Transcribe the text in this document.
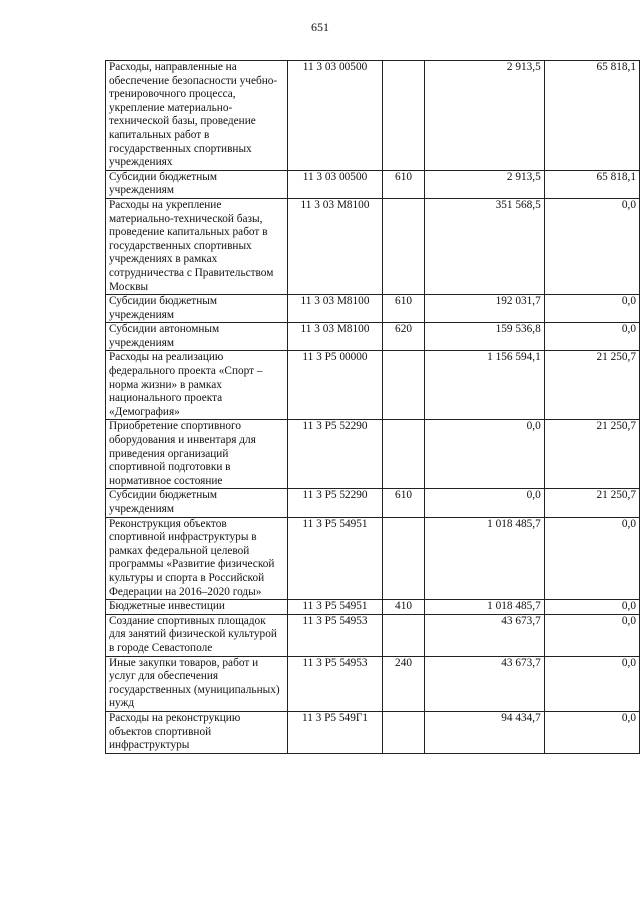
651
Расходы, направленные на обеспечение безопасности учебно-тренировочного процесса, укрепление материально-технической базы, проведение капитальных работ в государственных спортивных учреждениях	11 3 03 00500		2 913,5	65 818,1
Субсидии бюджетным учреждениям	11 3 03 00500	610	2 913,5	65 818,1
Расходы на укрепление материально-технической базы, проведение капитальных работ в государственных спортивных учреждениях в рамках сотрудничества с Правительством Москвы	11 3 03 М8100		351 568,5	0,0
Субсидии бюджетным учреждениям	11 3 03 М8100	610	192 031,7	0,0
Субсидии автономным учреждениям	11 3 03 М8100	620	159 536,8	0,0
Расходы на реализацию федерального проекта «Спорт – норма жизни» в рамках национального проекта «Демография»	11 3 Р5 00000		1 156 594,1	21 250,7
Приобретение спортивного оборудования и инвентаря для приведения организаций спортивной подготовки в нормативное состояние	11 3 Р5 52290		0,0	21 250,7
Субсидии бюджетным учреждениям	11 3 Р5 52290	610	0,0	21 250,7
Реконструкция объектов спортивной инфраструктуры в рамках федеральной целевой программы «Развитие физической культуры и спорта в Российской Федерации на 2016–2020 годы»	11 3 Р5 54951		1 018 485,7	0,0
Бюджетные инвестиции	11 3 Р5 54951	410	1 018 485,7	0,0
Создание спортивных площадок для занятий физической культурой в городе Севастополе	11 3 Р5 54953		43 673,7	0,0
Иные закупки товаров, работ и услуг для обеспечения государственных (муниципальных) нужд	11 3 Р5 54953	240	43 673,7	0,0
Расходы на реконструкцию объектов спортивной инфраструктуры	11 3 Р5 549Г1		94 434,7	0,0
